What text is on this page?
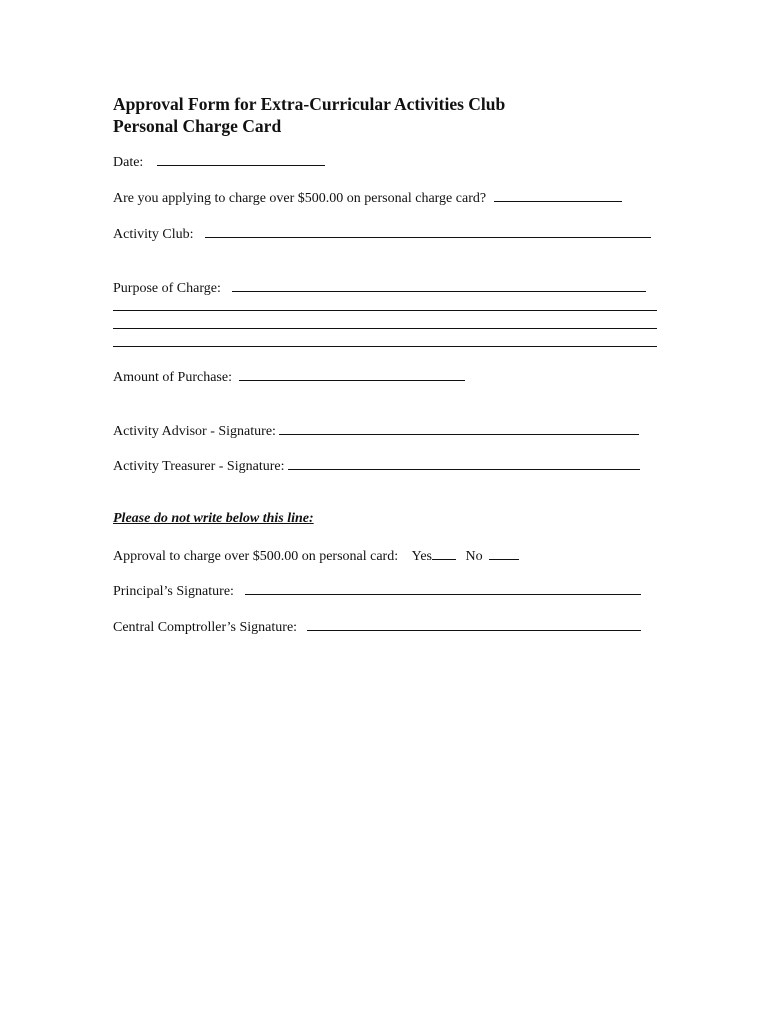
Approval Form for Extra-Curricular Activities Club
Personal Charge Card
Date:
Are you applying to charge over $500.00 on personal charge card?
Activity Club:
Purpose of Charge:
Amount of Purchase:
Activity Advisor - Signature:
Activity Treasurer - Signature:
Please do not write below this line:
Approval to charge over $500.00 on personal card: Yes No
Principal’s Signature:
Central Comptroller’s Signature:
